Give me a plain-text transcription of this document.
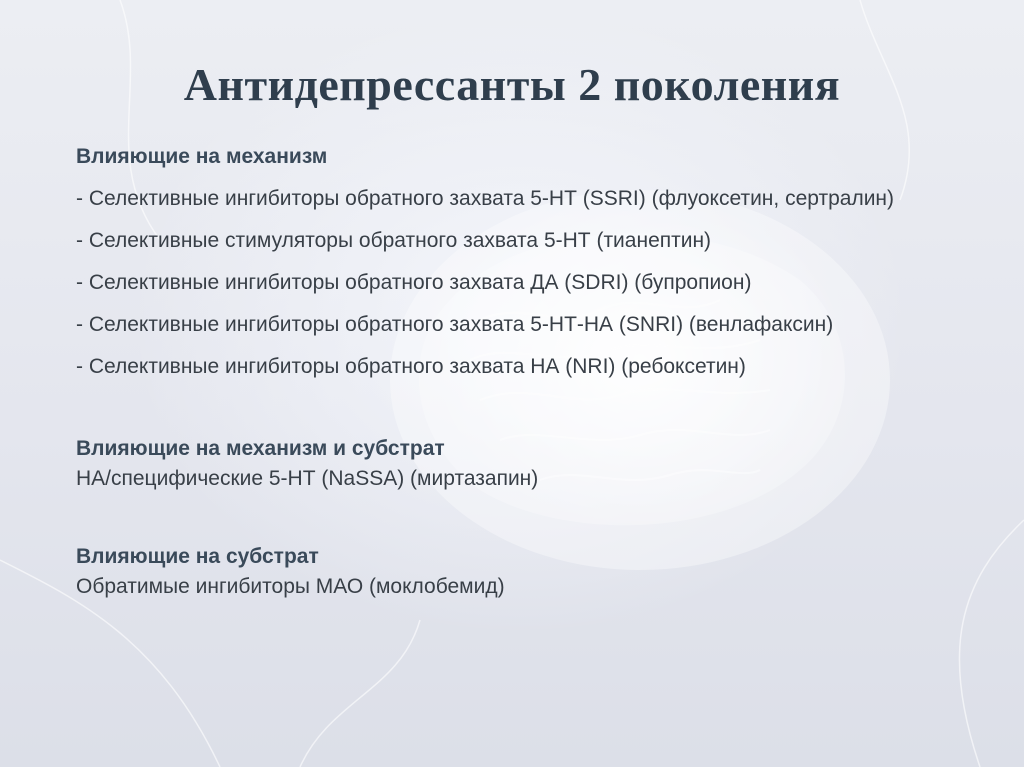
Антидепрессанты 2 поколения
Влияющие на механизм
- Селективные ингибиторы обратного захвата 5-НТ (SSRI) (флуоксетин, сертралин)
- Селективные стимуляторы обратного захвата 5-НТ (тианептин)
- Селективные ингибиторы обратного захвата ДА (SDRI) (бупропион)
- Селективные ингибиторы обратного захвата 5-НТ-НА (SNRI) (венлафаксин)
- Селективные ингибиторы обратного захвата НА (NRI) (ребоксетин)
Влияющие на механизм и субстрат
НА/специфические 5-НТ (NaSSA) (миртазапин)
Влияющие на субстрат
Обратимые ингибиторы МАО (моклобемид)
